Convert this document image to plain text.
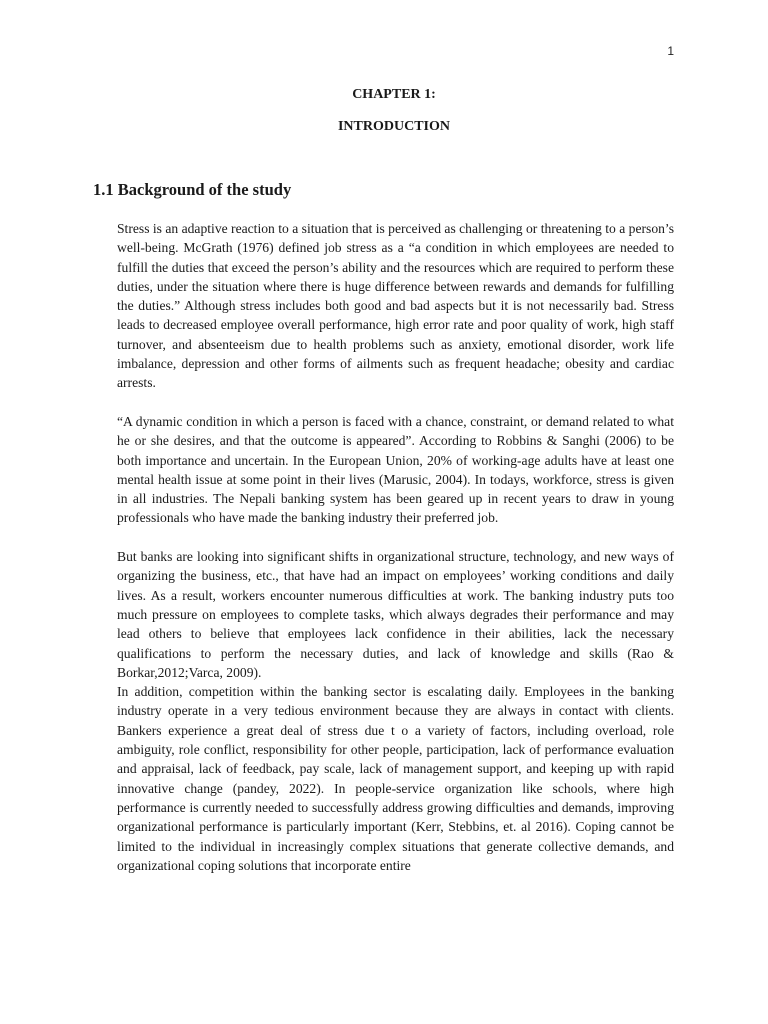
1
CHAPTER 1:
INTRODUCTION
1.1 Background of the study

Stress is an adaptive reaction to a situation that is perceived as challenging or threatening to a person’s well-being. McGrath (1976) defined job stress as a “a condition in which employees are needed to fulfill the duties that exceed the person’s ability and the resources which are required to perform these duties, under the situation where there is huge difference between rewards and demands for fulfilling the duties.” Although stress includes both good and bad aspects but it is not necessarily bad. Stress leads to decreased employee overall performance, high error rate and poor quality of work, high staff turnover, and absenteeism due to health problems such as anxiety, emotional disorder, work life imbalance, depression and other forms of ailments such as frequent headache; obesity and cardiac arrests.

“A dynamic condition in which a person is faced with a chance, constraint, or demand related to what he or she desires, and that the outcome is appeared”. According to Robbins & Sanghi (2006) to be both importance and uncertain. In the European Union, 20% of working-age adults have at least one mental health issue at some point in their lives (Marusic, 2004). In todays, workforce, stress is given in all industries. The Nepali banking system has been geared up in recent years to draw in young professionals who have made the banking industry their preferred job.

But banks are looking into significant shifts in organizational structure, technology, and new ways of organizing the business, etc., that have had an impact on employees’ working conditions and daily lives. As a result, workers encounter numerous difficulties at work. The banking industry puts too much pressure on employees to complete tasks, which always degrades their performance and may lead others to believe that employees lack confidence in their abilities, lack the necessary qualifications to perform the necessary duties, and lack of knowledge and skills (Rao & Borkar,2012;Varca, 2009).

In addition, competition within the banking sector is escalating daily. Employees in the banking industry operate in a very tedious environment because they are always in contact with clients. Bankers experience a great deal of stress due t o a variety of factors, including overload, role ambiguity, role conflict, responsibility for other people, participation, lack of performance evaluation and appraisal, lack of feedback, pay scale, lack of management support, and keeping up with rapid innovative change (pandey, 2022). In people-service organization like schools, where high performance is currently needed to successfully address growing difficulties and demands, improving organizational performance is particularly important (Kerr, Stebbins, et. al 2016). Coping cannot be limited to the individual in increasingly complex situations that generate collective demands, and organizational coping solutions that incorporate entire
